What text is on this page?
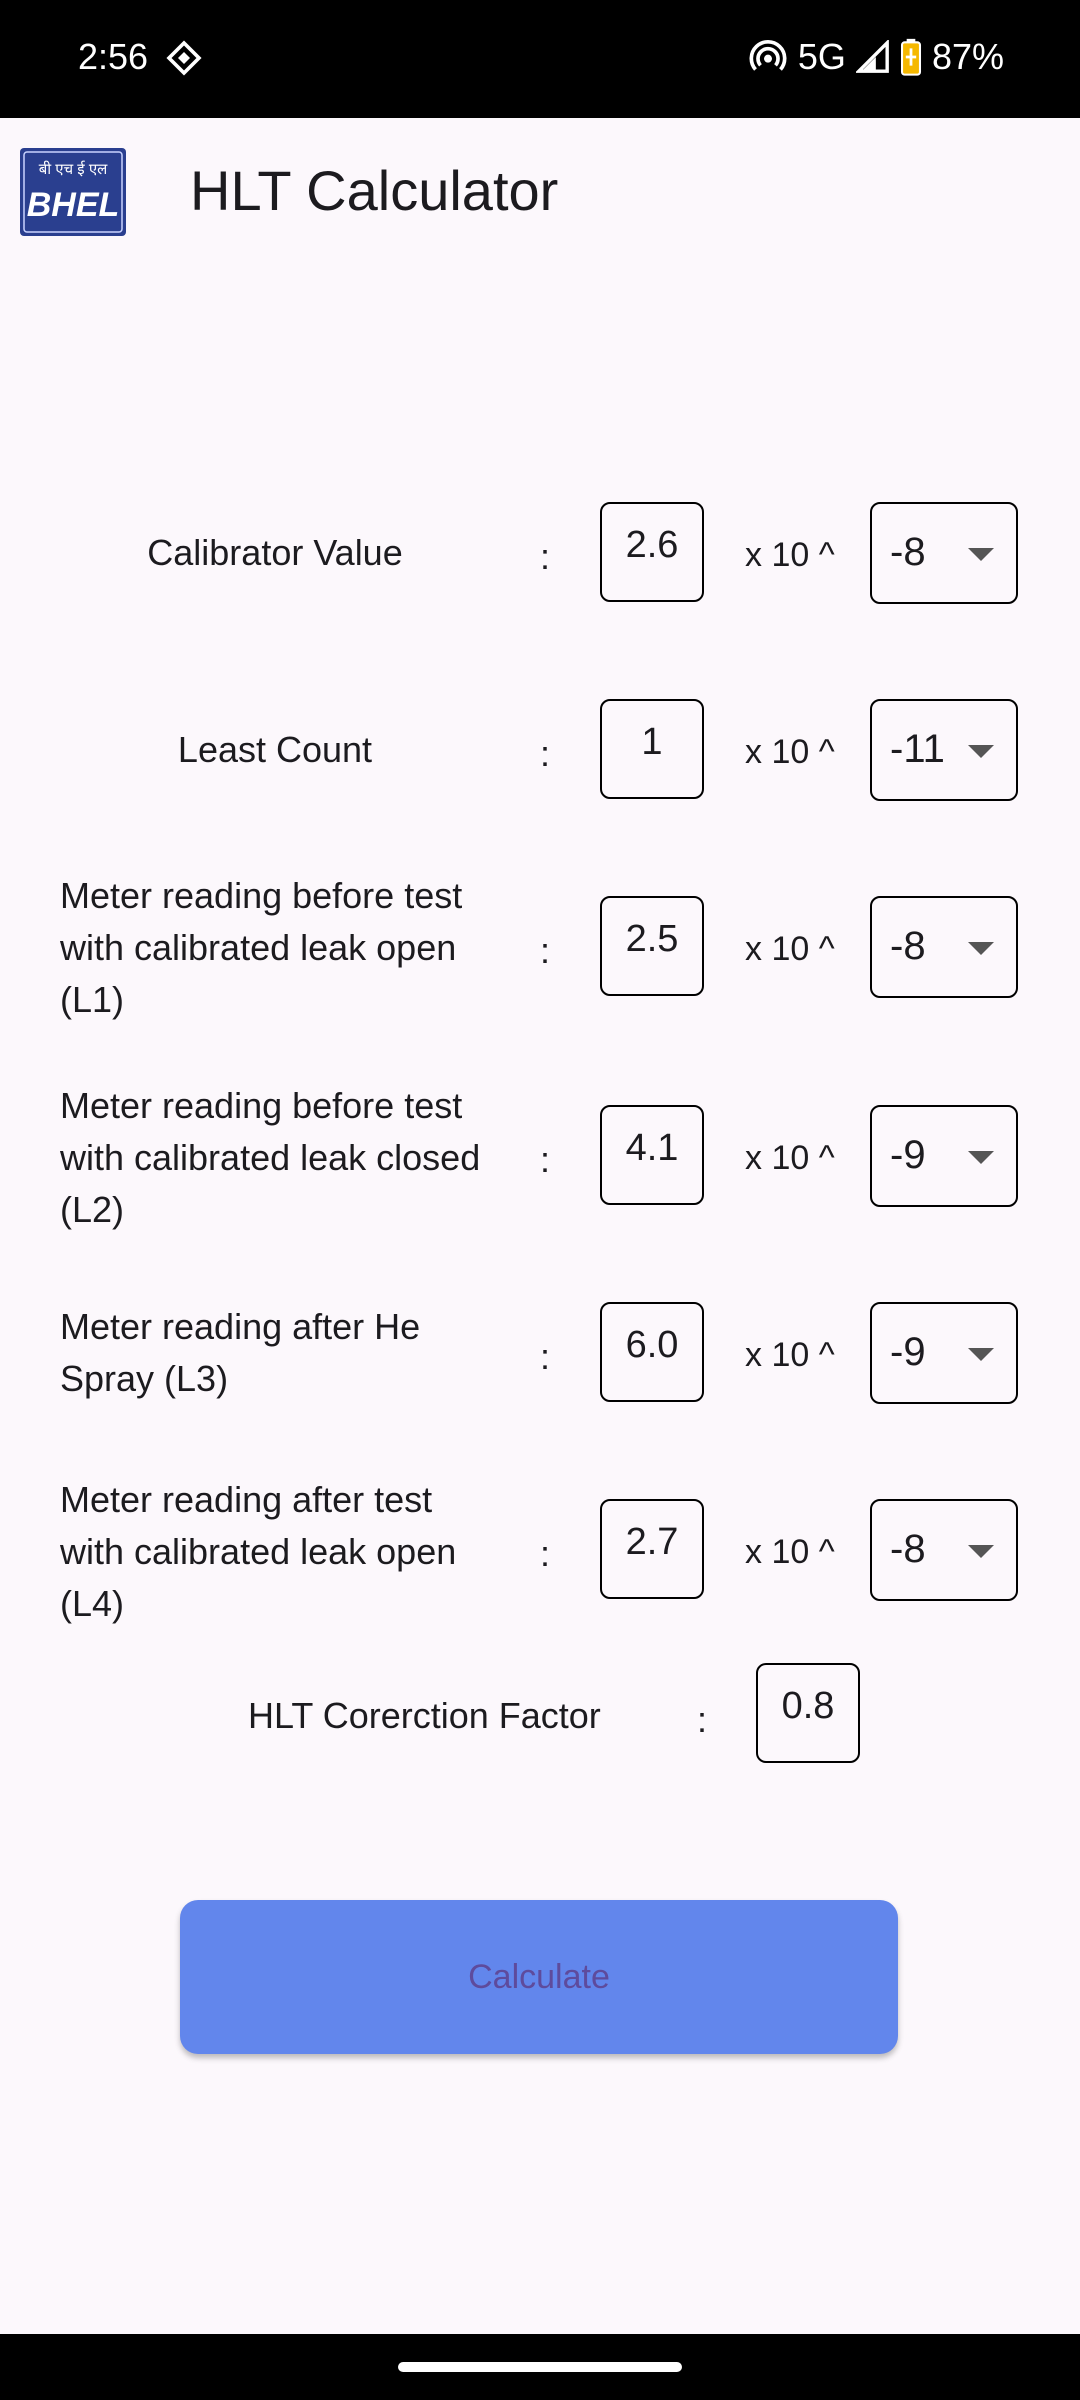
2:56	5G 87%
बी एच ई एल
BHEL HLT Calculator
Calibrator Value	:	2.6	x 10 ^ -8
Least Count	:	1	x 10 ^ -11
Meter reading before test with calibrated leak open (L1)
:	2.5	x 10 ^ -8
Meter reading before test with calibrated leak closed (L2)
:	4.1	x 10 ^ -9
Meter reading after He Spray (L3)
:	6.0	x 10 ^ -9
Meter reading after test with calibrated leak open (L4)
:	2.7	x 10 ^ -8
HLT Corerction Factor	:	0.8
Calculate
